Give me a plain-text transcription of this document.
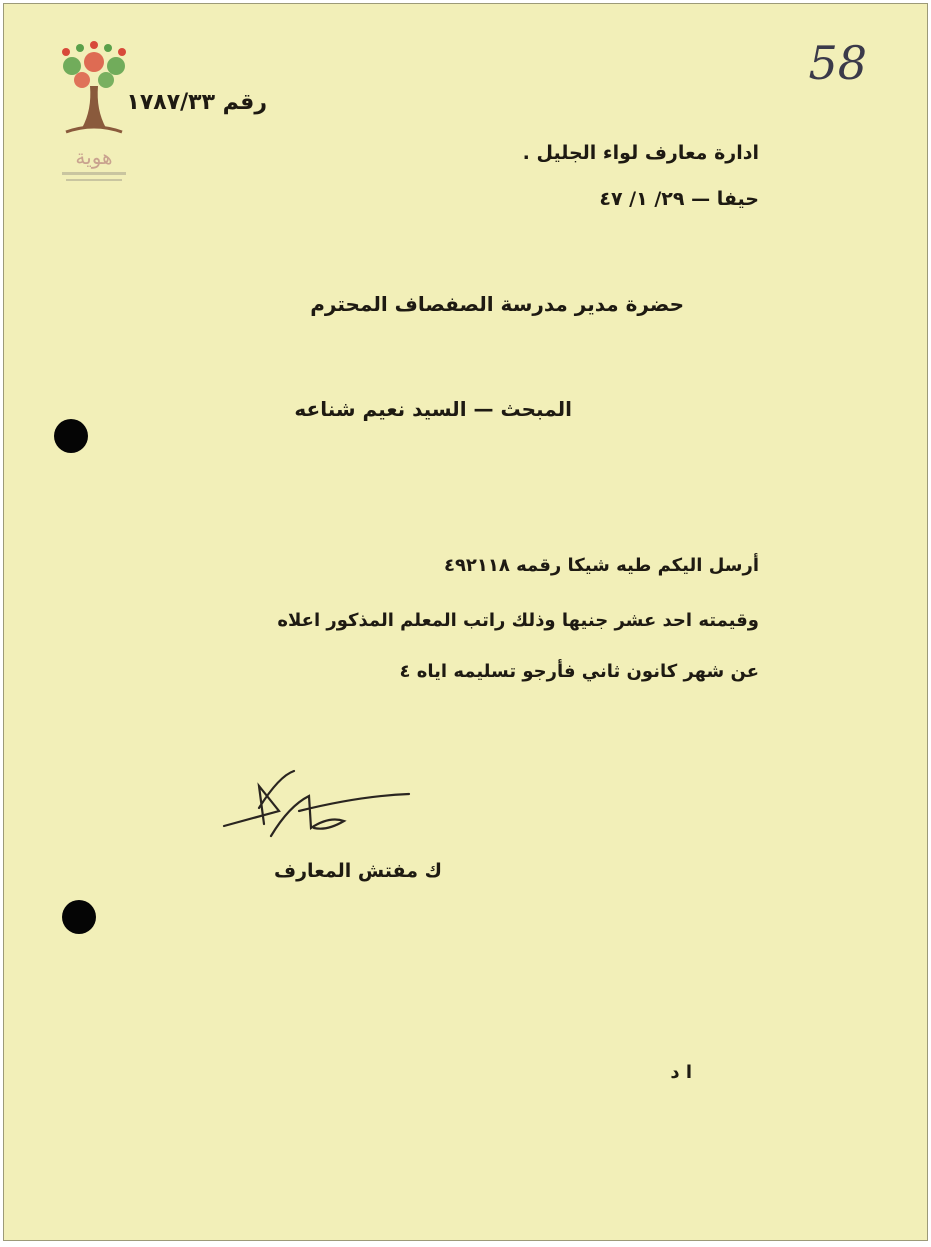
هوية
58
رقم ١٧٨٧/٣٣
ادارة معارف لواء الجليل .
حيفا — ٢٩/ ١/ ٤٧
حضرة مدير مدرسة الصفصاف المحترم
المبحث — السيد نعيم شناعه
أرسل اليكم طيه شيكا رقمه ٤٩٢١١٨
وقيمته احد عشر جنيها وذلك راتب المعلم المذكور اعلاه
عن شهر كانون ثاني فأرجو تسليمه اياه ٤
ك مفتش المعارف
ا د
